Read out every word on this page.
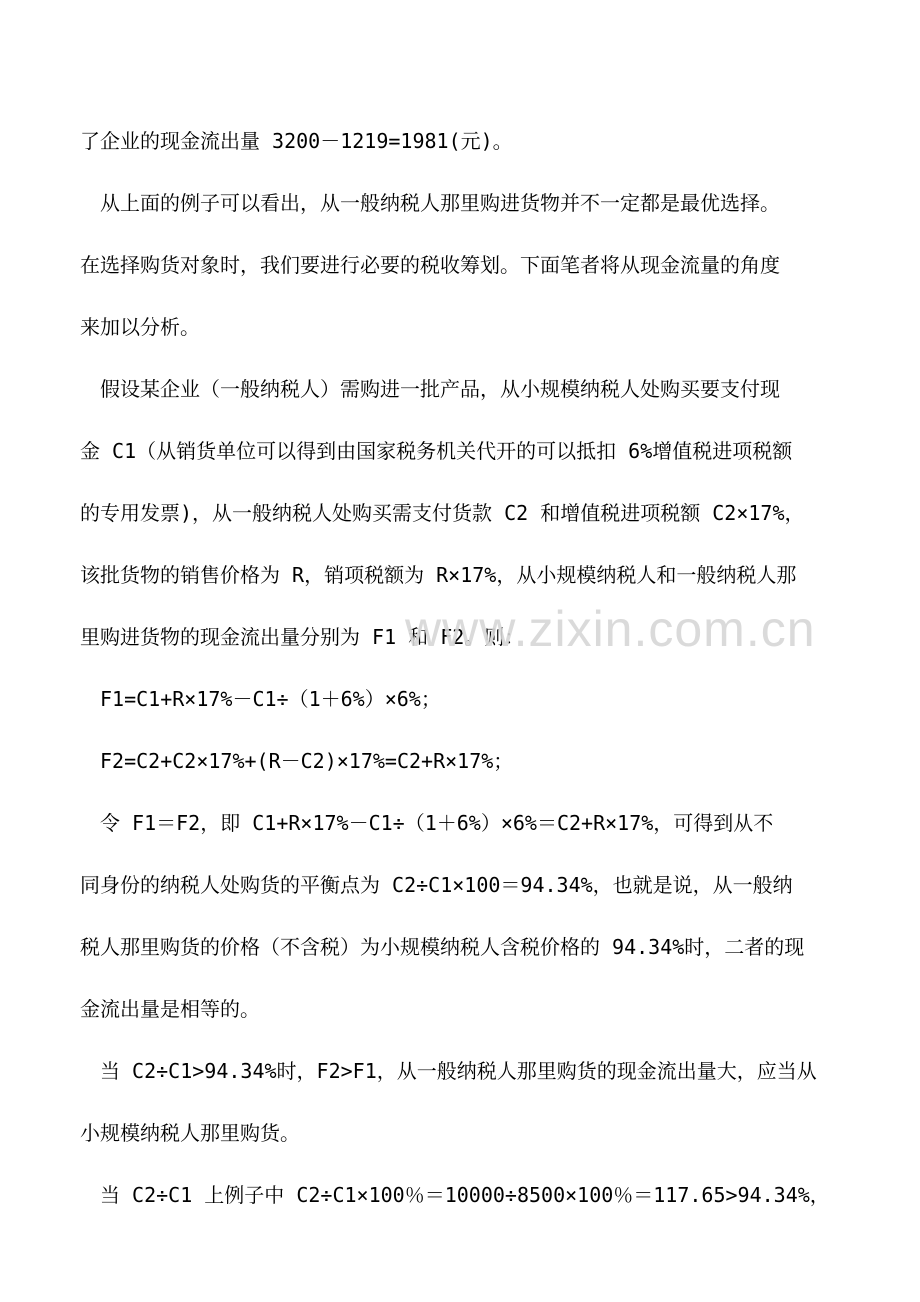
了企业的现金流出量 3200－1219=1981(元)。
　从上面的例子可以看出，从一般纳税人那里购进货物并不一定都是最优选择。
在选择购货对象时，我们要进行必要的税收筹划。下面笔者将从现金流量的角度
来加以分析。
　假设某企业（一般纳税人）需购进一批产品，从小规模纳税人处购买要支付现
金 C1（从销货单位可以得到由国家税务机关代开的可以抵扣 6%增值税进项税额
的专用发票)，从一般纳税人处购买需支付货款 C2 和增值税进项税额 C2×17%，
该批货物的销售价格为 R，销项税额为 R×17%，从小规模纳税人和一般纳税人那
里购进货物的现金流出量分别为 F1 和 F2。则：
　F1=C1+R×17%－C1÷（1＋6%）×6%；
　F2=C2+C2×17%+(R－C2)×17%=C2+R×17%；
　令 F1＝F2，即 C1+R×17%－C1÷（1＋6%）×6%＝C2+R×17%，可得到从不
同身份的纳税人处购货的平衡点为 C2÷C1×100＝94.34%，也就是说，从一般纳
税人那里购货的价格（不含税）为小规模纳税人含税价格的 94.34%时，二者的现
金流出量是相等的。
　当 C2÷C1>94.34%时，F2>F1，从一般纳税人那里购货的现金流出量大，应当从
小规模纳税人那里购货。
　当 C2÷C1 上例子中 C2÷C1×100％＝10000÷8500×100％＝117.65>94.34%，
www.zixin.com.cn
